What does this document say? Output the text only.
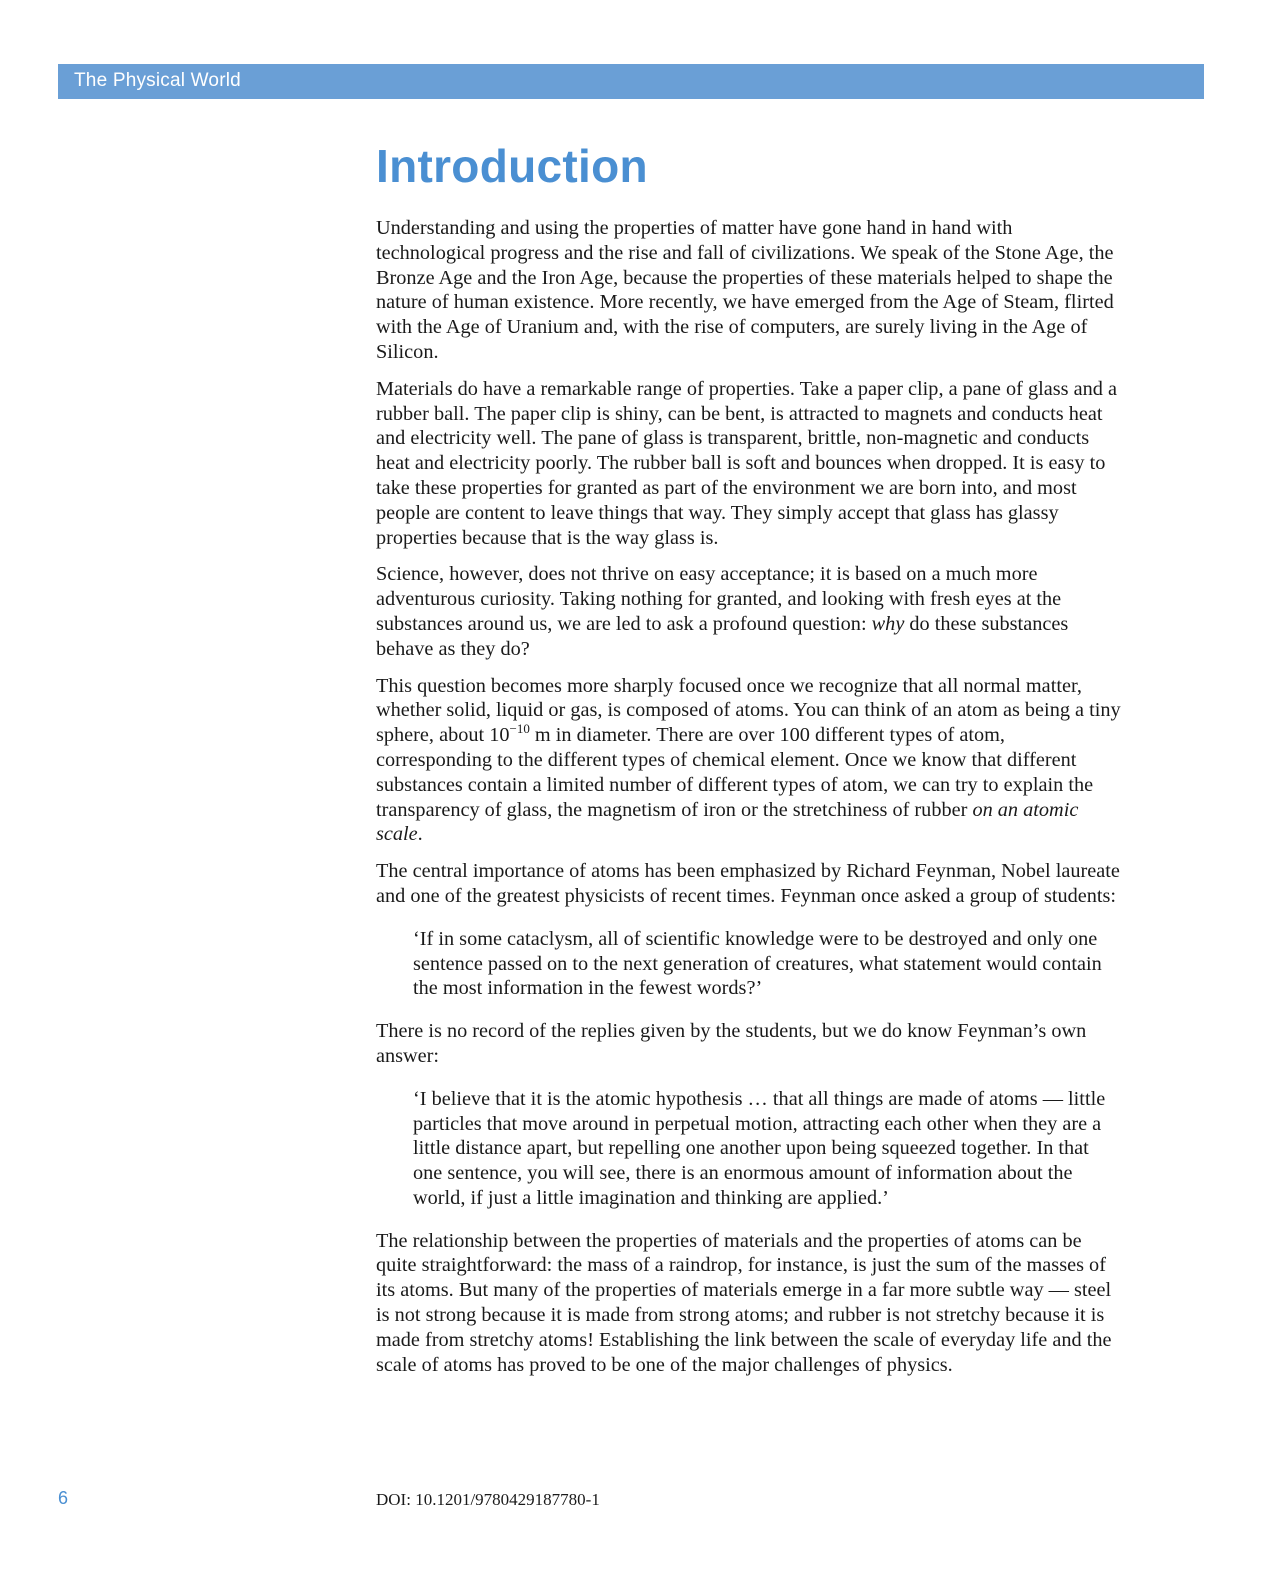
The Physical World
Introduction

Understanding and using the properties of matter have gone hand in hand with technological progress and the rise and fall of civilizations. We speak of the Stone Age, the Bronze Age and the Iron Age, because the properties of these materials helped to shape the nature of human existence. More recently, we have emerged from the Age of Steam, flirted with the Age of Uranium and, with the rise of computers, are surely living in the Age of Silicon.

Materials do have a remarkable range of properties. Take a paper clip, a pane of glass and a rubber ball. The paper clip is shiny, can be bent, is attracted to magnets and conducts heat and electricity well. The pane of glass is transparent, brittle, non-magnetic and conducts heat and electricity poorly. The rubber ball is soft and bounces when dropped. It is easy to take these properties for granted as part of the environment we are born into, and most people are content to leave things that way. They simply accept that glass has glassy properties because that is the way glass is.

Science, however, does not thrive on easy acceptance; it is based on a much more adventurous curiosity. Taking nothing for granted, and looking with fresh eyes at the substances around us, we are led to ask a profound question: why do these substances behave as they do?

This question becomes more sharply focused once we recognize that all normal matter, whether solid, liquid or gas, is composed of atoms. You can think of an atom as being a tiny sphere, about $10^{-10}$ m in diameter. There are over 100 different types of atom, corresponding to the different types of chemical element. Once we know that different substances contain a limited number of different types of atom, we can try to explain the transparency of glass, the magnetism of iron or the stretchiness of rubber on an atomic scale.

The central importance of atoms has been emphasized by Richard Feynman, Nobel laureate and one of the greatest physicists of recent times. Feynman once asked a group of students:

‘If in some cataclysm, all of scientific knowledge were to be destroyed and only one sentence passed on to the next generation of creatures, what statement would contain the most information in the fewest words?’

There is no record of the replies given by the students, but we do know Feynman’s own answer:

‘I believe that it is the atomic hypothesis … that all things are made of atoms — little particles that move around in perpetual motion, attracting each other when they are a little distance apart, but repelling one another upon being squeezed together. In that one sentence, you will see, there is an enormous amount of information about the world, if just a little imagination and thinking are applied.’

The relationship between the properties of materials and the properties of atoms can be quite straightforward: the mass of a raindrop, for instance, is just the sum of the masses of its atoms. But many of the properties of materials emerge in a far more subtle way — steel is not strong because it is made from strong atoms; and rubber is not stretchy because it is made from stretchy atoms! Establishing the link between the scale of everyday life and the scale of atoms has proved to be one of the major challenges of physics.

6	DOI: 10.1201/9780429187780-1
